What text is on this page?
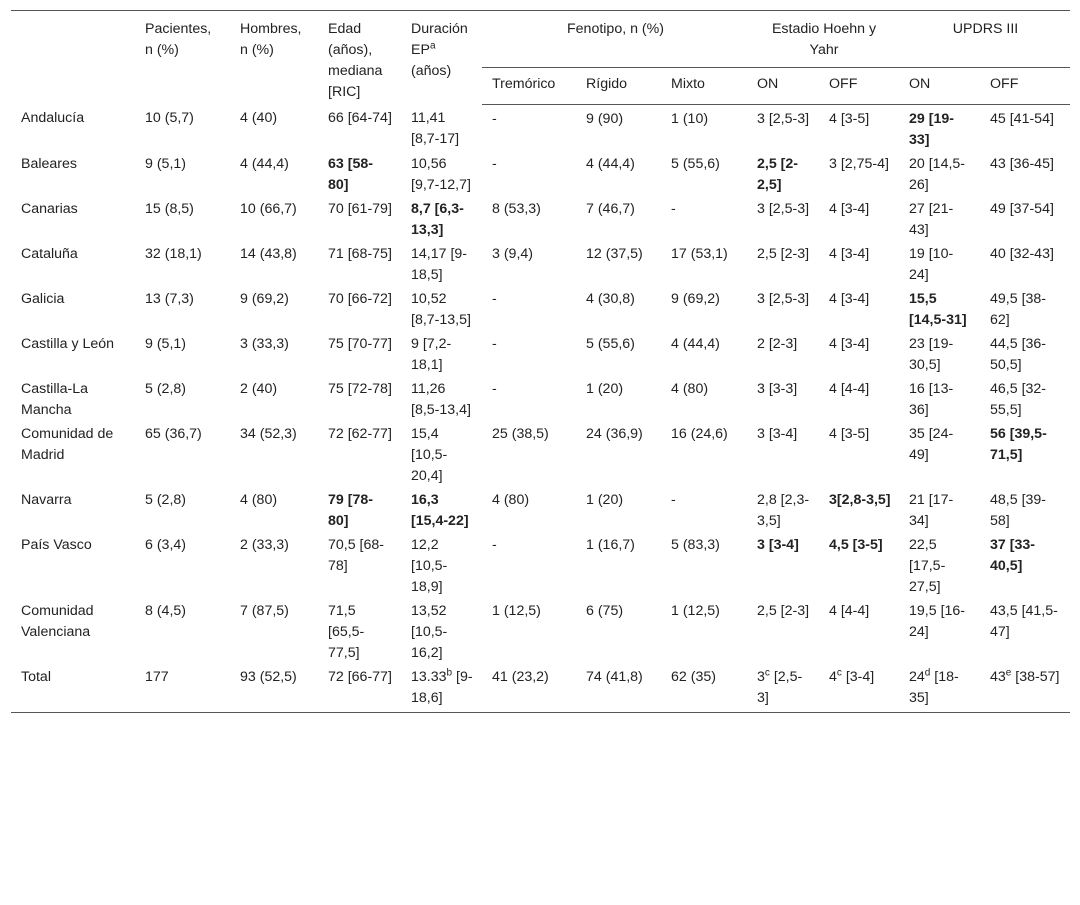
	Pacientes, n (%)	Hombres, n (%)	Edad (años), mediana [RIC]	Duración $EP^a$ (años)	Fenotipo, n (%)			Estadio Hoehn y Yahr		UPDRS III	
					Tremórico	Rígido	Mixto	ON	OFF	ON	OFF
Andalucía	10 (5,7)	4 (40)	66 [64-74]	11,41 [8,7-17]	-	9 (90)	1 (10)	3 [2,5-3]	4 [3-5]	29 [19-33]	45 [41-54]
Baleares	9 (5,1)	4 (44,4)	63 [58-80]	10,56 [9,7-12,7]	-	4 (44,4)	5 (55,6)	2,5 [2-2,5]	3 [2,75-4]	20 [14,5-26]	43 [36-45]
Canarias	15 (8,5)	10 (66,7)	70 [61-79]	8,7 [6,3-13,3]	8 (53,3)	7 (46,7)	-	3 [2,5-3]	4 [3-4]	27 [21-43]	49 [37-54]
Cataluña	32 (18,1)	14 (43,8)	71 [68-75]	14,17 [9-18,5]	3 (9,4)	12 (37,5)	17 (53,1)	2,5 [2-3]	4 [3-4]	19 [10-24]	40 [32-43]
Galicia	13 (7,3)	9 (69,2)	70 [66-72]	10,52 [8,7-13,5]	-	4 (30,8)	9 (69,2)	3 [2,5-3]	4 [3-4]	15,5 [14,5-31]	49,5 [38-62]
Castilla y León	9 (5,1)	3 (33,3)	75 [70-77]	9 [7,2-18,1]	-	5 (55,6)	4 (44,4)	2 [2-3]	4 [3-4]	23 [19-30,5]	44,5 [36-50,5]
Castilla-La Mancha	5 (2,8)	2 (40)	75 [72-78]	11,26 [8,5-13,4]	-	1 (20)	4 (80)	3 [3-3]	4 [4-4]	16 [13-36]	46,5 [32-55,5]
Comunidad de Madrid	65 (36,7)	34 (52,3)	72 [62-77]	15,4 [10,5-20,4]	25 (38,5)	24 (36,9)	16 (24,6)	3 [3-4]	4 [3-5]	35 [24-49]	56 [39,5-71,5]
Navarra	5 (2,8)	4 (80)	79 [78-80]	16,3 [15,4-22]	4 (80)	1 (20)	-	2,8 [2,3-3,5]	3[2,8-3,5]	21 [17-34]	48,5 [39-58]
País Vasco	6 (3,4)	2 (33,3)	70,5 [68-78]	12,2 [10,5-18,9]	-	1 (16,7)	5 (83,3)	3 [3-4]	4,5 [3-5]	22,5 [17,5-27,5]	37 [33-40,5]
Comunidad Valenciana	8 (4,5)	7 (87,5)	71,5 [65,5-77,5]	13,52 [10,5-16,2]	1 (12,5)	6 (75)	1 (12,5)	2,5 [2-3]	4 [4-4]	19,5 [16-24]	43,5 [41,5-47]
Total	177	93 (52,5)	72 [66-77]	13.33$^b$ [9-18,6]	41 (23,2)	74 (41,8)	62 (35)	3$^c$ [2,5-3]	4$^c$ [3-4]	24$^d$ [18-35]	43e [38-57]
